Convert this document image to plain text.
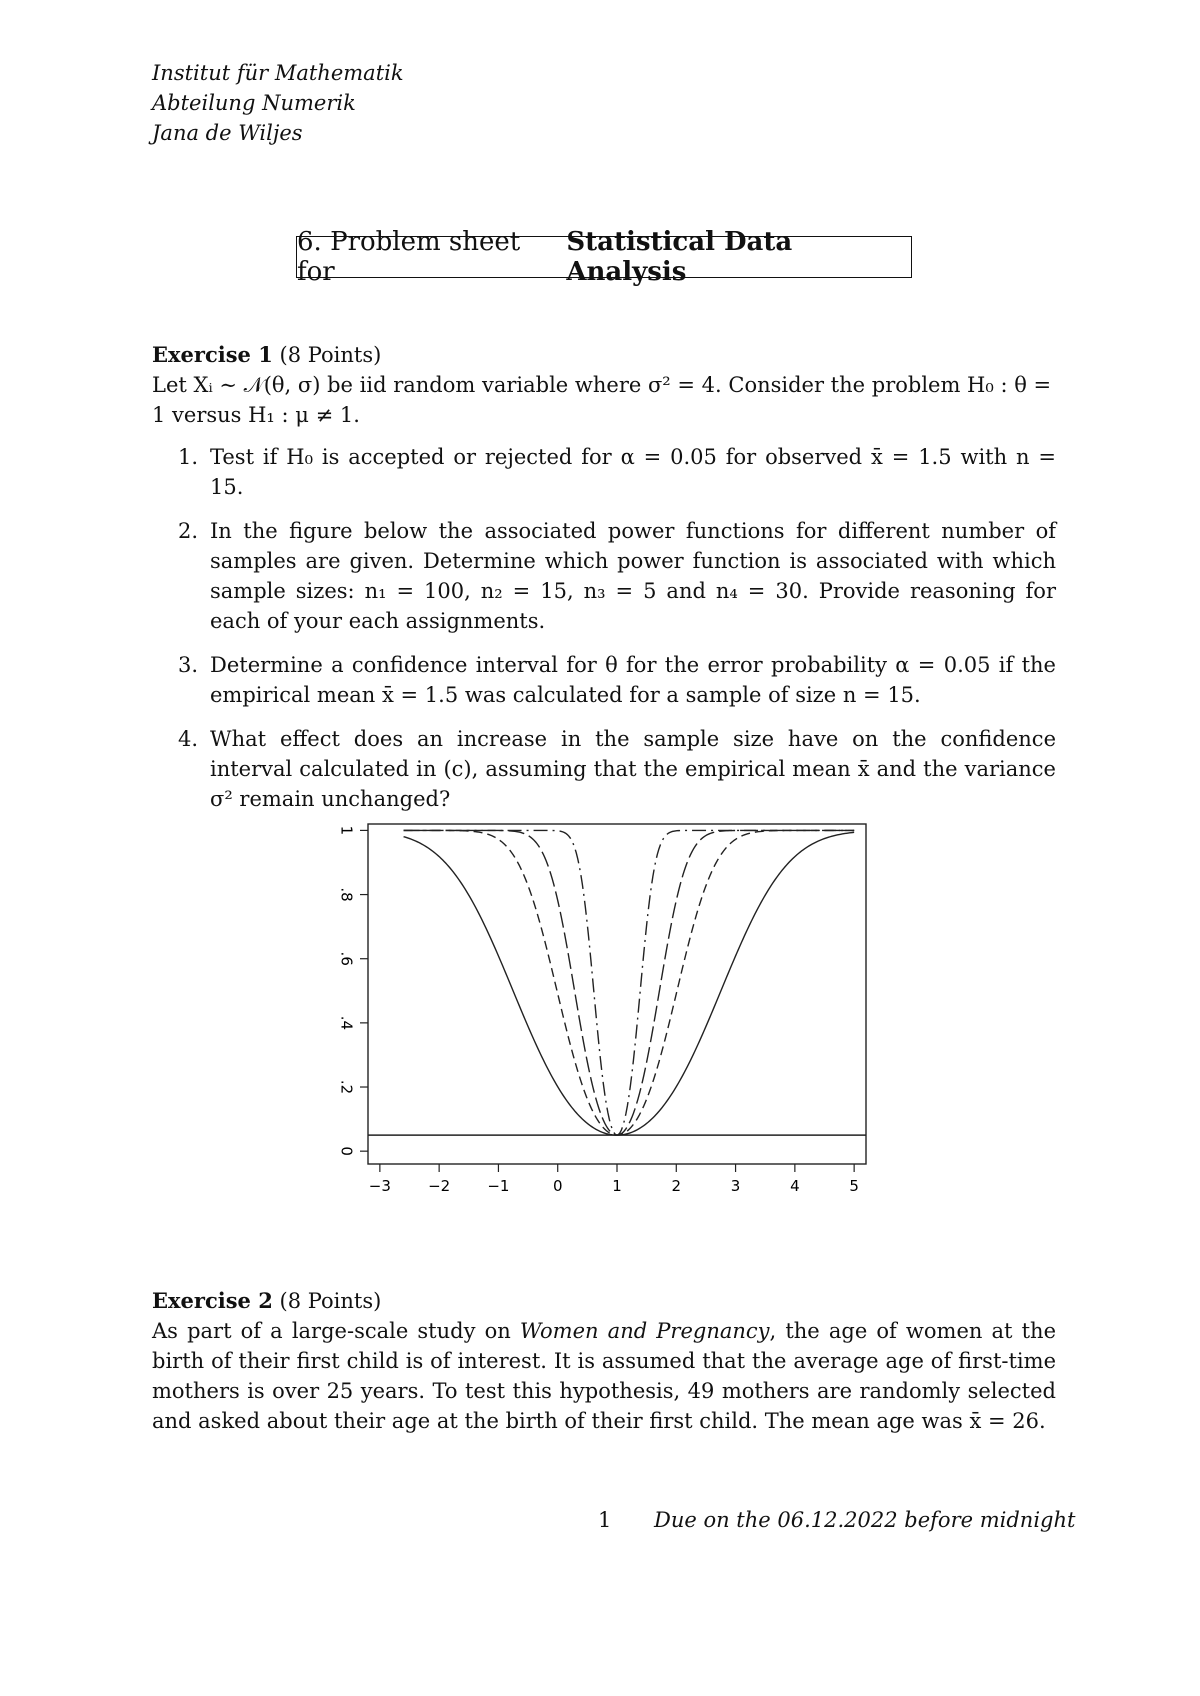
Institut für Mathematik
Abteilung Numerik
Jana de Wiljes
6. Problem sheet for
Statistical Data Analysis

Exercise 1 (8 Points)

Let Xᵢ ∼ 𝒩(θ, σ) be iid random variable where σ² = 4. Consider the problem H₀ : θ = 1 versus H₁ : μ ≠ 1.

1. Test if H₀ is accepted or rejected for α = 0.05 for observed x̄ = 1.5 with n = 15.
2. In the figure below the associated power functions for different number of samples are given. Determine which power function is associated with which sample sizes: n₁ = 100, n₂ = 15, n₃ = 5 and n₄ = 30. Provide reasoning for each of your each assignments.
3. Determine a confidence interval for θ for the error probability α = 0.05 if the empirical mean x̄ = 1.5 was calculated for a sample of size n = 15.
4. What effect does an increase in the sample size have on the confidence interval calculated in (c), assuming that the empirical mean x̄ and the variance σ² remain unchanged?
0
.2
.4
.6
.8
1
−3 −2 −1	0	1	2	3	4	5

Exercise 2 (8 Points)

As part of a large-scale study on Women and Pregnancy, the age of women at the birth of their first child is of interest. It is assumed that the average age of first-time mothers is over 25 years. To test this hypothesis, 49 mothers are randomly selected and asked about their age at the birth of their first child. The mean age was x̄ = 26.

1 Due on the 06.12.2022 before midnight
